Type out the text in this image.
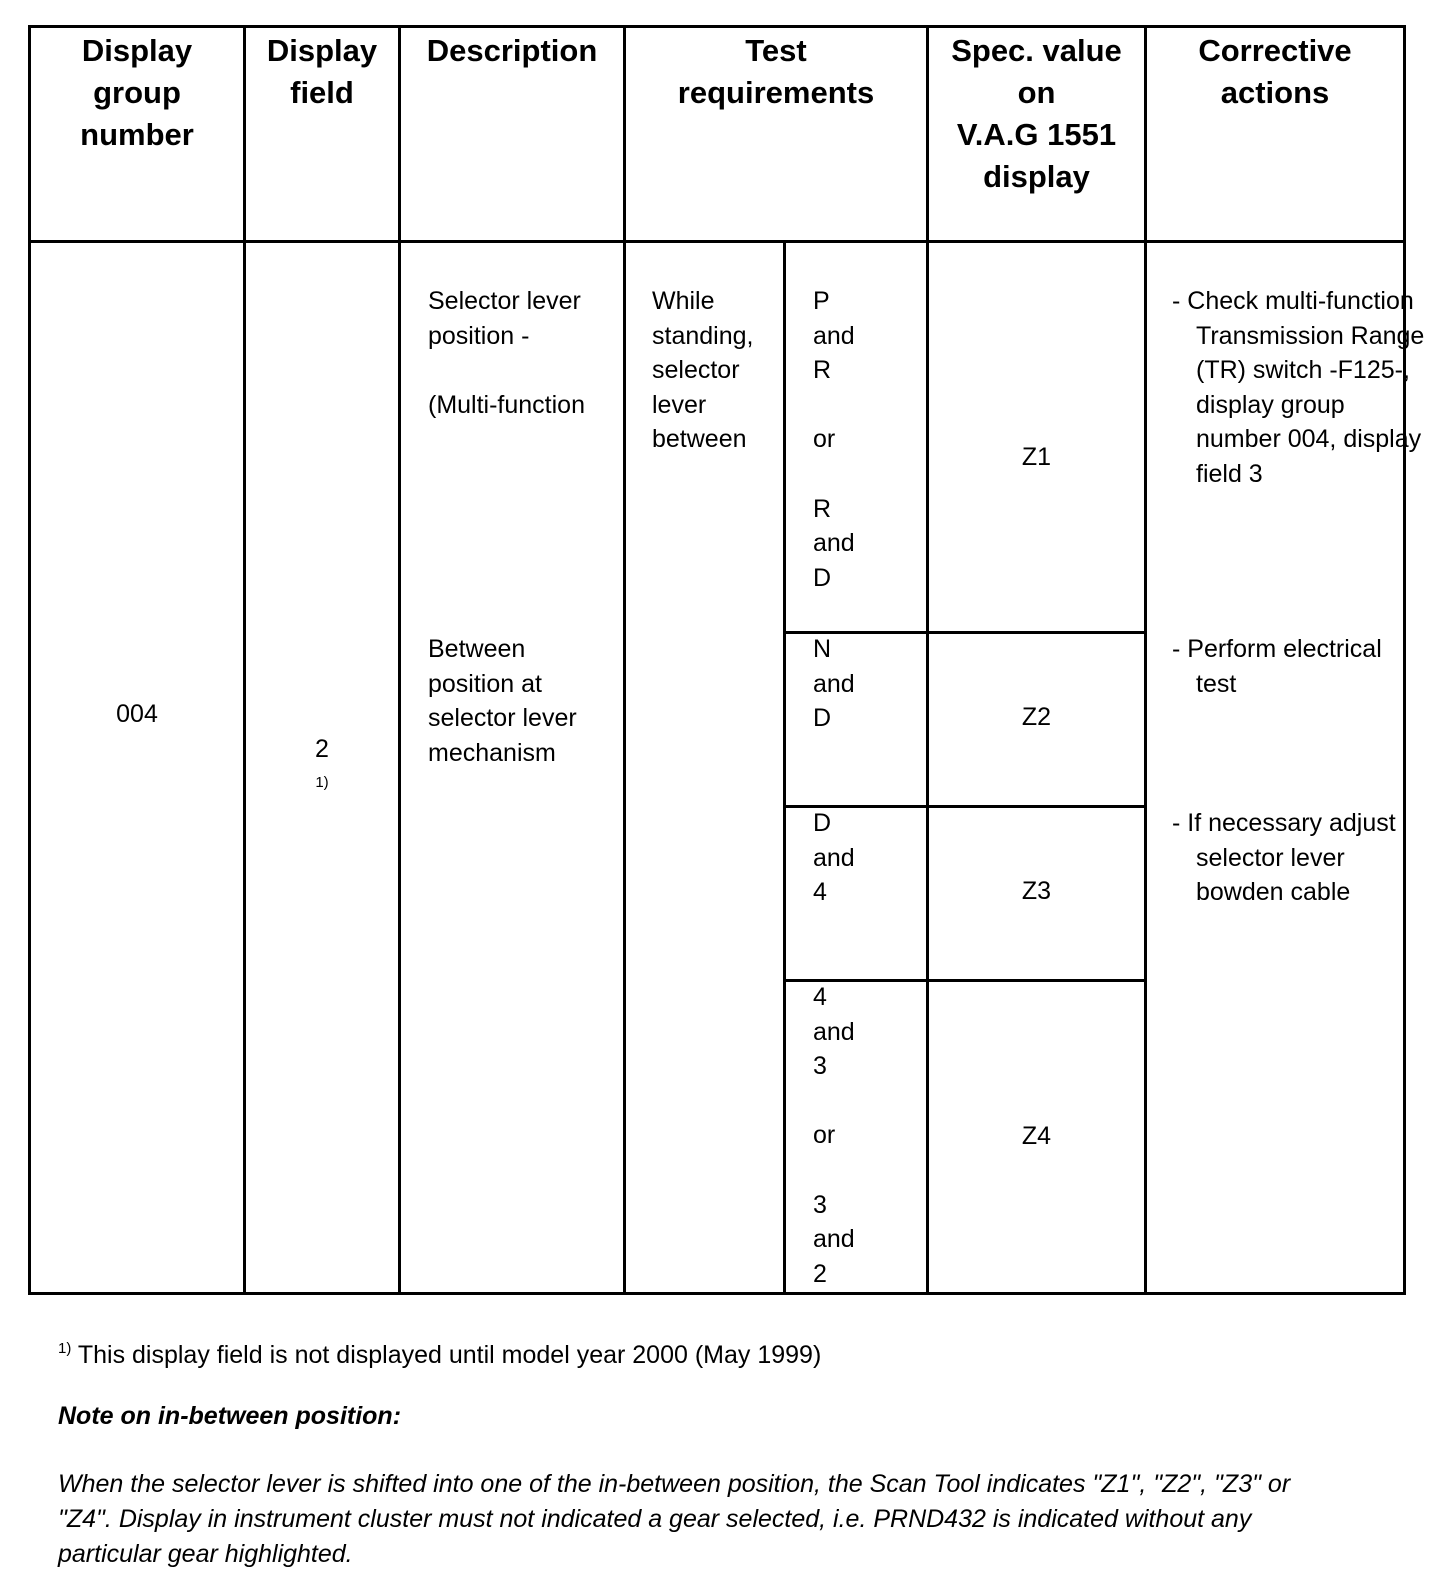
Display
group
number
Display
field
Description	Test
requirements
Spec. value
on
V.A.G 1551
display
Corrective
actions
004

2
$^{1)}$

Selector lever
position -

(Multi-function
Between
position at
selector lever
mechanism
While
standing,
selector
lever
between
P
and
R

or

R
and
D
N
and
D
D
and
4
4
and
3

or

3
and
2
Z1
Z2
Z3
Z4
- Check multi-function Transmission Range (TR) switch -F125-, display group number 004, display field 3
- Perform electrical test
- If necessary adjust selector lever bowden cable
$^{1)}$ This display field is not displayed until model year 2000 (May 1999)
Note on in-between position:
When the selector lever is shifted into one of the in-between position, the Scan Tool indicates "Z1", "Z2", "Z3" or "Z4". Display in instrument cluster must not indicated a gear selected, i.e. PRND432 is indicated without any particular gear highlighted.
